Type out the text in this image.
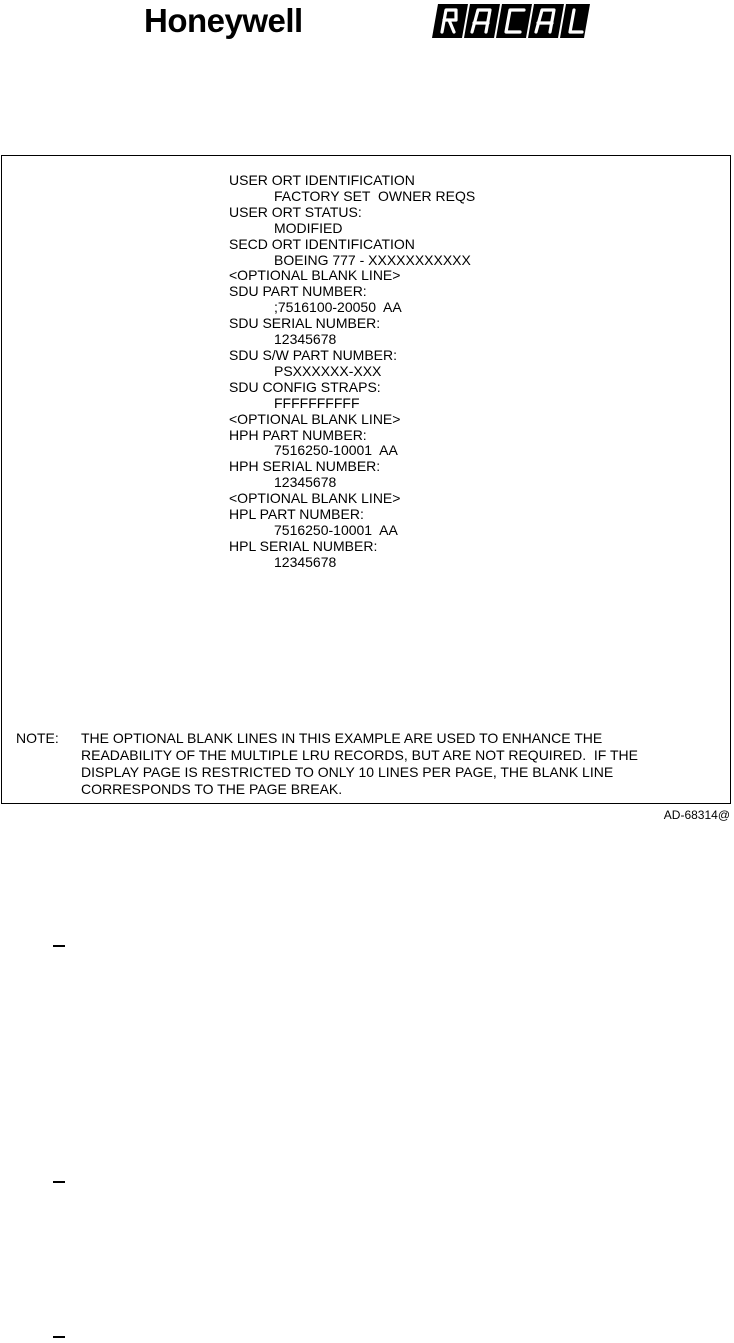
Honeywell
USER ORT IDENTIFICATION
FACTORY SET  OWNER REQS
USER ORT STATUS:
MODIFIED
SECD ORT IDENTIFICATION
BOEING 777 - XXXXXXXXXXX
<OPTIONAL BLANK LINE>
SDU PART NUMBER:
;7516100-20050  AA
SDU SERIAL NUMBER:
12345678
SDU S/W PART NUMBER:
PSXXXXXX-XXX
SDU CONFIG STRAPS:
FFFFFFFFFF
<OPTIONAL BLANK LINE>
HPH PART NUMBER:
7516250-10001  AA
HPH SERIAL NUMBER:
12345678
<OPTIONAL BLANK LINE>
HPL PART NUMBER:
7516250-10001  AA
HPL SERIAL NUMBER:
12345678
NOTE: THE OPTIONAL BLANK LINES IN THIS EXAMPLE ARE USED TO ENHANCE THE
READABILITY OF THE MULTIPLE LRU RECORDS, BUT ARE NOT REQUIRED.  IF THE
DISPLAY PAGE IS RESTRICTED TO ONLY 10 LINES PER PAGE, THE BLANK LINE
CORRESPONDS TO THE PAGE BREAK.
AD-68314@
